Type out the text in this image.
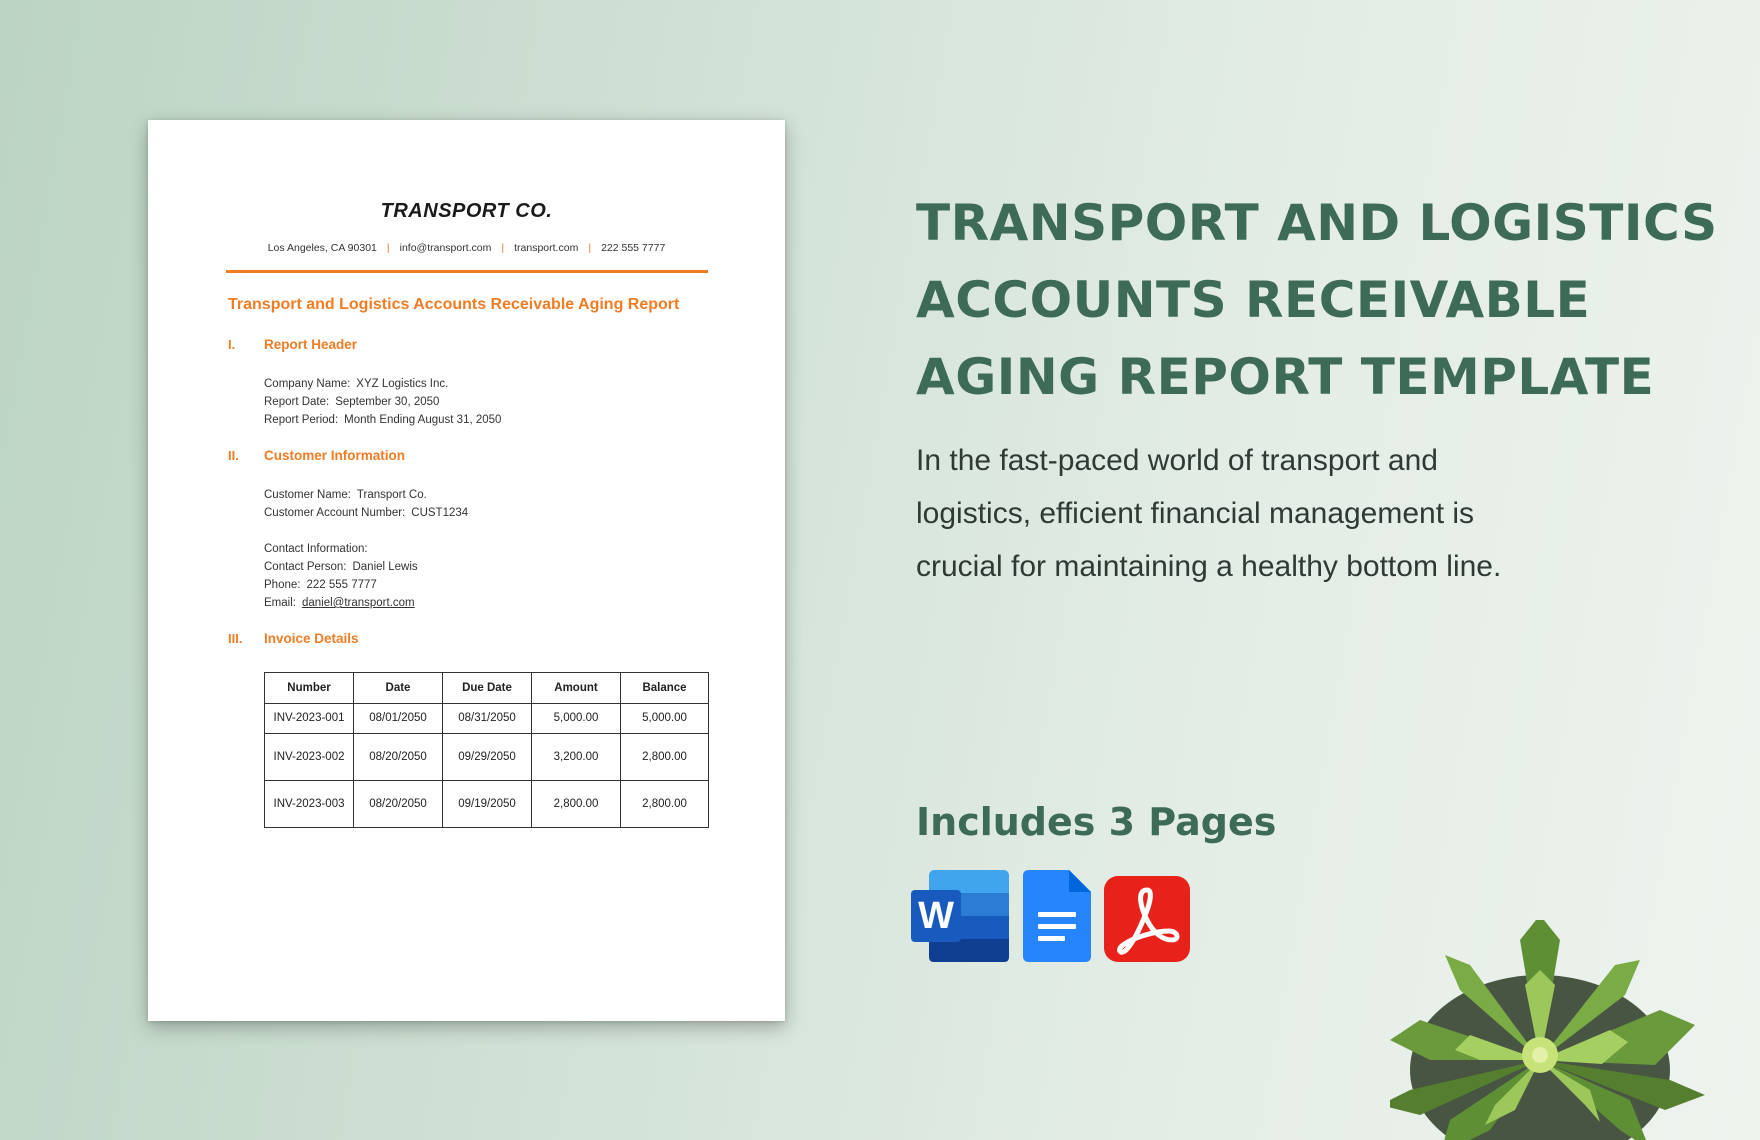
TRANSPORT CO.
Los Angeles, CA 90301 | info@transport.com | transport.com | 222 555 7777
Transport and Logistics Accounts Receivable Aging Report
I.	Report Header
Company Name: XYZ Logistics Inc.
Report Date: September 30, 2050
Report Period: Month Ending August 31, 2050
II.	Customer Information
Customer Name: Transport Co.
Customer Account Number: CUST1234
Contact Information:
Contact Person: Daniel Lewis
Phone: 222 555 7777
Email: daniel@transport.com
III.	Invoice Details
Number	Date	Due Date	Amount	Balance
INV-2023-001	08/01/2050	08/31/2050	5,000.00	5,000.00
INV-2023-002	08/20/2050	09/29/2050	3,200.00	2,800.00
INV-2023-003	08/20/2050	09/19/2050	2,800.00	2,800.00
TRANSPORT AND LOGISTICS
ACCOUNTS RECEIVABLE
AGING REPORT TEMPLATE
In the fast-paced world of transport and
logistics, efficient financial management is
crucial for maintaining a healthy bottom line.
Includes 3 Pages
W
